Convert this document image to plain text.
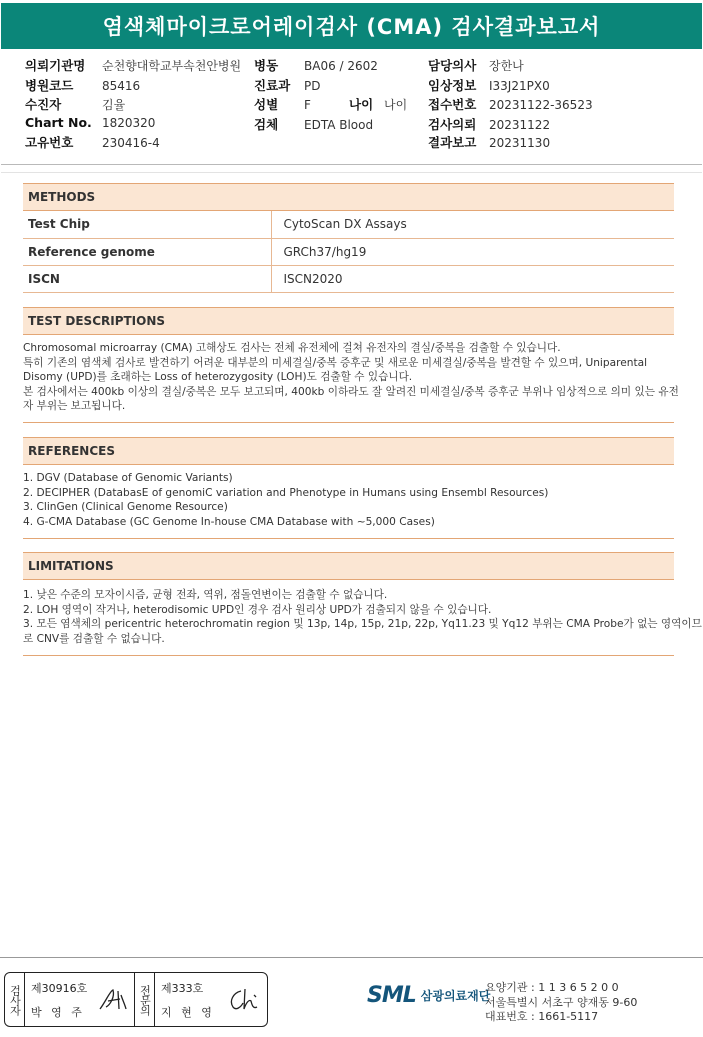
염색체마이크로어레이검사 (CMA) 검사결과보고서
의뢰기관명 순천향대학교부속천안병원
병원코드 85416
수진자	김율
Chart No. 1820320
고유번호 230416-4
병동 BA06 / 2602
진료과 PD
성별 F	나이 나이
검체 EDTA Blood
담당의사 장한나
임상정보 I33J21PX0
접수번호 20231122-36523
검사의뢰 20231122
결과보고 20231130
METHODS
Test Chip	CytoScan DX Assays
Reference genome	GRCh37/hg19
ISCN	ISCN2020
TEST DESCRIPTIONS
Chromosomal microarray (CMA) 고해상도 검사는 전체 유전체에 걸쳐 유전자의 결실/중복을 검출할 수 있습니다.
특히 기존의 염색체 검사로 발견하기 어려운 대부분의 미세결실/중복 증후군 및 새로운 미세결실/중복을 발견할 수 있으며, Uniparental
Disomy (UPD)를 초래하는 Loss of heterozygosity (LOH)도 검출할 수 있습니다.
본 검사에서는 400kb 이상의 결실/중복은 모두 보고되며, 400kb 이하라도 잘 알려진 미세결실/중복 증후군 부위나 임상적으로 의미 있는 유전
자 부위는 보고됩니다.
REFERENCES
1. DGV (Database of Genomic Variants)
2. DECIPHER (DatabasE of genomiC variation and Phenotype in Humans using Ensembl Resources)
3. ClinGen (Clinical Genome Resource)
4. G-CMA Database (GC Genome In-house CMA Database with ~5,000 Cases)
LIMITATIONS
1. 낮은 수준의 모자이시즘, 균형 전좌, 역위, 점돌연변이는 검출할 수 없습니다.
2. LOH 영역이 작거나, heterodisomic UPD인 경우 검사 원리상 UPD가 검출되지 않을 수 있습니다.
3. 모든 염색체의 pericentric heterochromatin region 및 13p, 14p, 15p, 21p, 22p, Yq11.23 및 Yq12 부위는 CMA Probe가 없는 영역이므
로 CNV를 검출할 수 없습니다.
검사자 제30916호
박 영 주	전문의 제333호
지 현 영
SML 삼광의료재단
요양기관 : 1 1 3 6 5 2 0 0
서울특별시 서초구 양재동 9-60
대표번호 : 1661-5117
